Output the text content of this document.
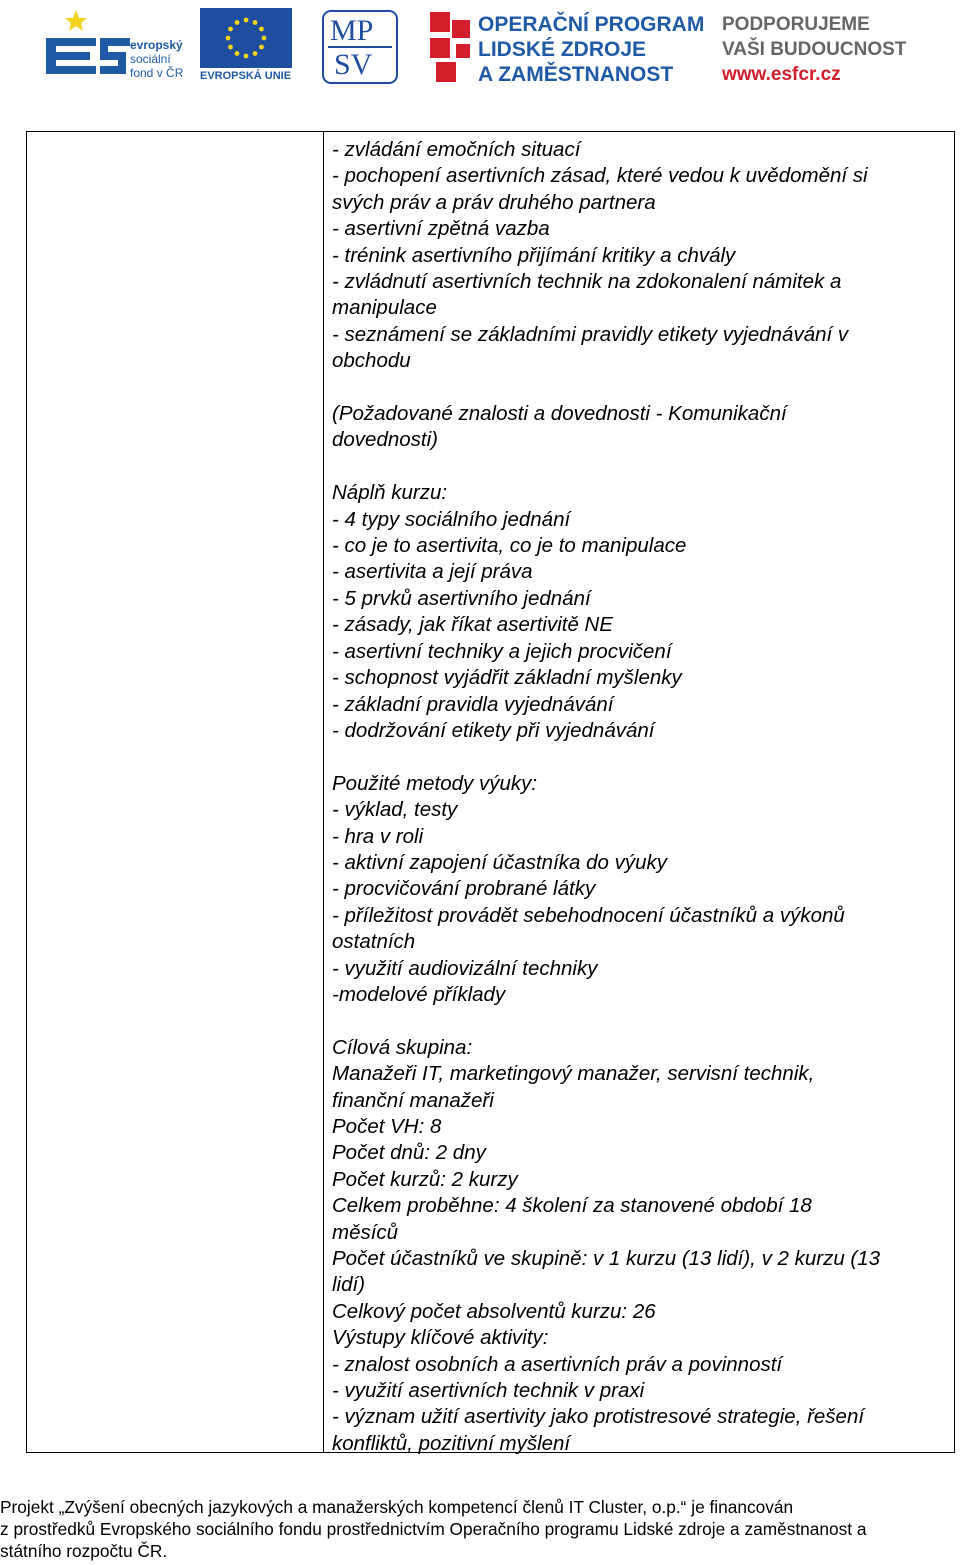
evropský
sociální
fond v ČR EVROPSKÁ UNIE
MP
SV
OPERAČNÍ PROGRAM
LIDSKÉ ZDROJE
A ZAMĚSTNANOST
PODPORUJEME
VAŠI BUDOUCNOST
www.esfcr.cz
- zvládání emočních situací
- pochopení asertivních zásad, které vedou k uvědomění si
svých práv a práv druhého partnera
- asertivní zpětná vazba
- trénink asertivního přijímání kritiky a chvály
- zvládnutí asertivních technik na zdokonalení námitek a
manipulace
- seznámení se základními pravidly etikety vyjednávání v
obchodu
(Požadované znalosti a dovednosti - Komunikační
dovednosti)
Náplň kurzu:
- 4 typy sociálního jednání
- co je to asertivita, co je to manipulace
- asertivita a její práva
- 5 prvků asertivního jednání
- zásady, jak říkat asertivitě NE
- asertivní techniky a jejich procvičení
- schopnost vyjádřit základní myšlenky
- základní pravidla vyjednávání
- dodržování etikety při vyjednávání
Použité metody výuky:
- výklad, testy
- hra v roli
- aktivní zapojení účastníka do výuky
- procvičování probrané látky
- příležitost provádět sebehodnocení účastníků a výkonů
ostatních
- využití audiovizální techniky
-modelové příklady
Cílová skupina:
Manažeři IT, marketingový manažer, servisní technik,
finanční manažeři
Počet VH: 8
Počet dnů: 2 dny
Počet kurzů: 2 kurzy
Celkem proběhne: 4 školení za stanovené období 18
měsíců
Počet účastníků ve skupině: v 1 kurzu (13 lidí), v 2 kurzu (13
lidí)
Celkový počet absolventů kurzu: 26
Výstupy klíčové aktivity:
- znalost osobních a asertivních práv a povinností
- využití asertivních technik v praxi
- význam užití asertivity jako protistresové strategie, řešení
konfliktů, pozitivní myšlení
Projekt „Zvýšení obecných jazykových a manažerských kompetencí členů IT Cluster, o.p.“ je financován
z prostředků Evropského sociálního fondu prostřednictvím Operačního programu Lidské zdroje a zaměstnanost a
státního rozpočtu ČR.
